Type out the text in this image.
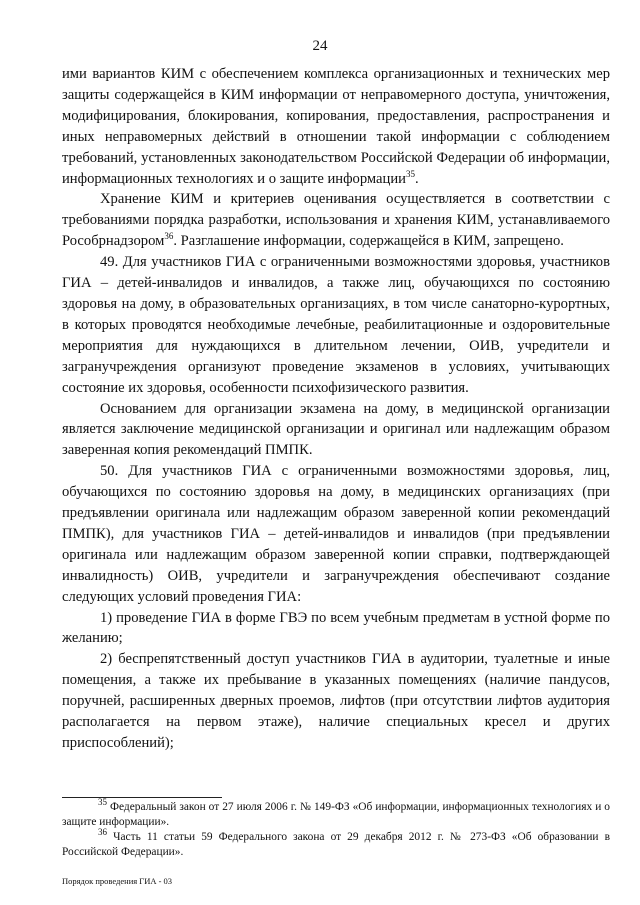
24

ими вариантов КИМ с обеспечением комплекса организационных и технических мер защиты содержащейся в КИМ информации от неправомерного доступа, уничтожения, модифицирования, блокирования, копирования, предоставления, распространения и иных неправомерных действий в отношении такой информации с соблюдением требований, установленных законодательством Российской Федерации об информации, информационных технологиях и о защите информации$^{35}$.

Хранение КИМ и критериев оценивания осуществляется в соответствии с требованиями порядка разработки, использования и хранения КИМ, устанавливаемого Рособрнадзором$^{36}$. Разглашение информации, содержащейся в КИМ, запрещено.

49. Для участников ГИА с ограниченными возможностями здоровья, участников ГИА – детей-инвалидов и инвалидов, а также лиц, обучающихся по состоянию здоровья на дому, в образовательных организациях, в том числе санаторно-курортных, в которых проводятся необходимые лечебные, реабилитационные и оздоровительные мероприятия для нуждающихся в длительном лечении, ОИВ, учредители и загранучреждения организуют проведение экзаменов в условиях, учитывающих состояние их здоровья, особенности психофизического развития.

Основанием для организации экзамена на дому, в медицинской организации является заключение медицинской организации и оригинал или надлежащим образом заверенная копия рекомендаций ПМПК.

50. Для участников ГИА с ограниченными возможностями здоровья, лиц, обучающихся по состоянию здоровья на дому, в медицинских организациях (при предъявлении оригинала или надлежащим образом заверенной копии рекомендаций ПМПК), для участников ГИА – детей-инвалидов и инвалидов (при предъявлении оригинала или надлежащим образом заверенной копии справки, подтверждающей инвалидность) ОИВ, учредители и загранучреждения обеспечивают создание следующих условий проведения ГИА:

1) проведение ГИА в форме ГВЭ по всем учебным предметам в устной форме по желанию;

2) беспрепятственный доступ участников ГИА в аудитории, туалетные и иные помещения, а также их пребывание в указанных помещениях (наличие пандусов, поручней, расширенных дверных проемов, лифтов (при отсутствии лифтов аудитория располагается на первом этаже), наличие специальных кресел и других приспособлений);

$^{35}$ Федеральный закон от 27 июля 2006 г. № 149-ФЗ «Об информации, информационных технологиях и о защите информации».

$^{36}$ Часть 11 статьи 59 Федерального закона от 29 декабря 2012 г. № 273-ФЗ «Об образовании в Российской Федерации».

Порядок проведения ГИА - 03
